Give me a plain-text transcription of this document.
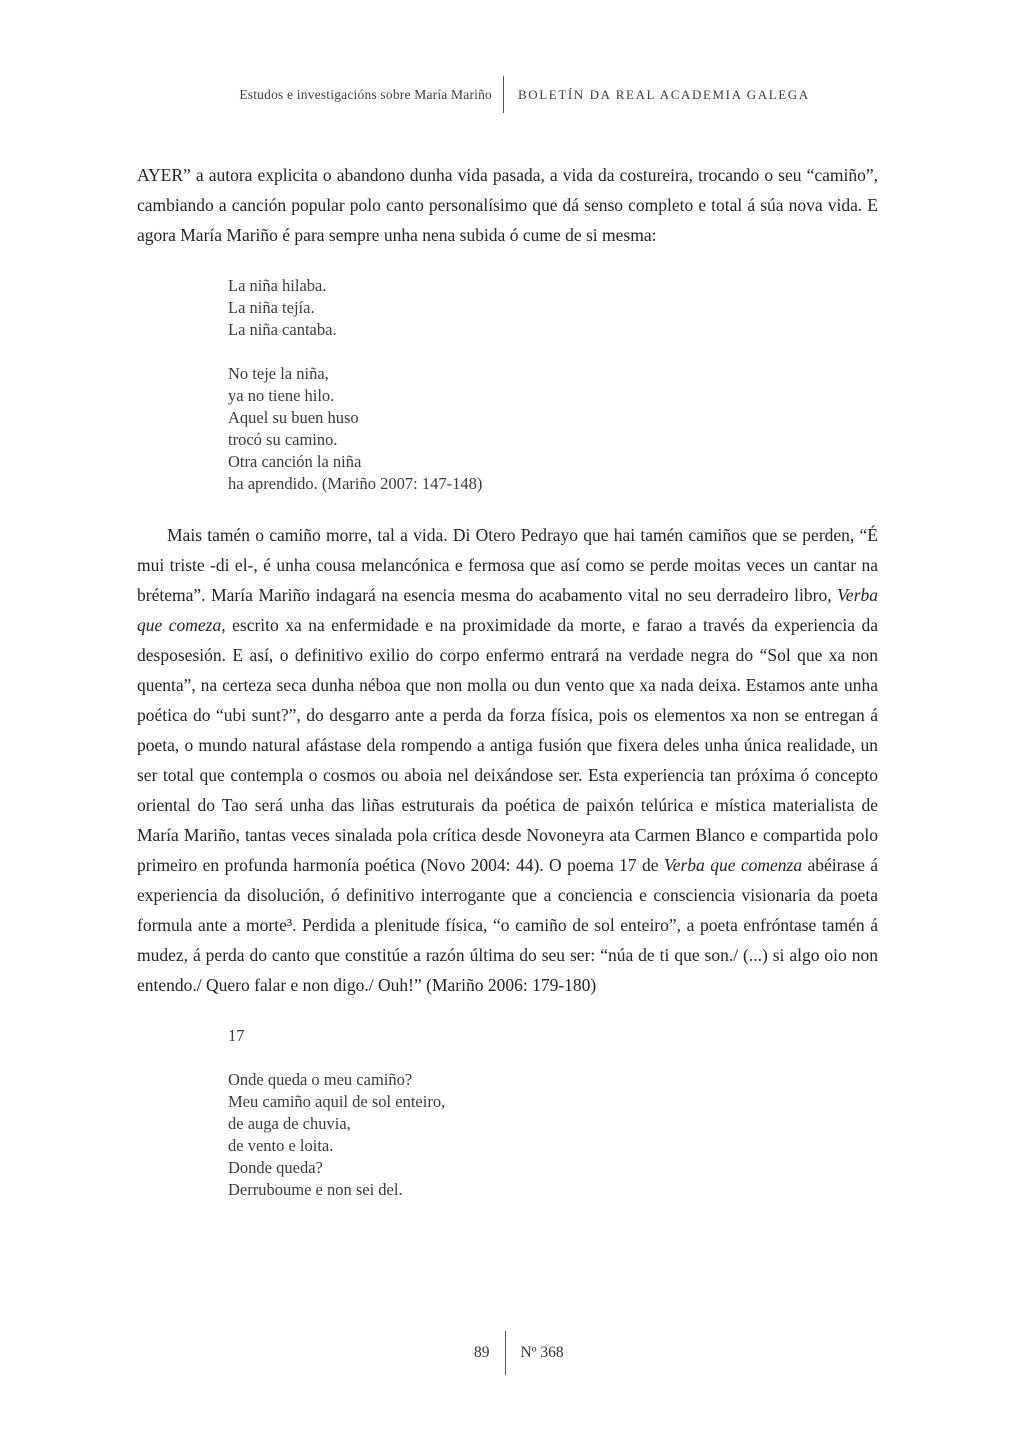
Estudos e investigacións sobre María Mariño	BOLETÍN DA REAL ACADEMIA GALEGA

AYER” a autora explicita o abandono dunha vida pasada, a vida da costureira, trocando o seu “camiño”, cambiando a canción popular polo canto personalísimo que dá senso completo e total á súa nova vida. E agora María Mariño é para sempre unha nena subida ó cume de si mesma:

La niña hilaba.
La niña tejía.
La niña cantaba.

No teje la niña,
ya no tiene hilo.
Aquel su buen huso
trocó su camino.
Otra canción la niña
ha aprendido. (Mariño 2007: 147-148)

Mais tamén o camiño morre, tal a vida. Di Otero Pedrayo que hai tamén camiños que se perden, “É mui triste -di el-, é unha cousa melancónica e fermosa que así como se perde moitas veces un cantar na brétema”. María Mariño indagará na esencia mesma do acabamento vital no seu derradeiro libro, Verba que comeza, escrito xa na enfermidade e na proximidade da morte, e farao a través da experiencia da desposesión. E así, o definitivo exilio do corpo enfermo entrará na verdade negra do “Sol que xa non quenta”, na certeza seca dunha néboa que non molla ou dun vento que xa nada deixa. Estamos ante unha poética do “ubi sunt?”, do desgarro ante a perda da forza física, pois os elementos xa non se entregan á poeta, o mundo natural afástase dela rompendo a antiga fusión que fixera deles unha única realidade, un ser total que contempla o cosmos ou aboia nel deixándose ser. Esta experiencia tan próxima ó concepto oriental do Tao será unha das liñas estruturais da poética de paixón telúrica e mística materialista de María Mariño, tantas veces sinalada pola crítica desde Novoneyra ata Carmen Blanco e compartida polo primeiro en profunda harmonía poética (Novo 2004: 44). O poema 17 de Verba que comenza abéirase á experiencia da disolución, ó definitivo interrogante que a conciencia e consciencia visionaria da poeta formula ante a morte³. Perdida a plenitude física, “o camiño de sol enteiro”, a poeta enfróntase tamén á mudez, á perda do canto que constitúe a razón última do seu ser: “núa de ti que son./ (...) si algo oio non entendo./ Quero falar e non digo./ Ouh!” (Mariño 2006: 179-180)

17

Onde queda o meu camiño?
Meu camiño aquil de sol enteiro,
de auga de chuvia,
de vento e loita.
Donde queda?
Derruboume e non sei del.
89	Nº 368
